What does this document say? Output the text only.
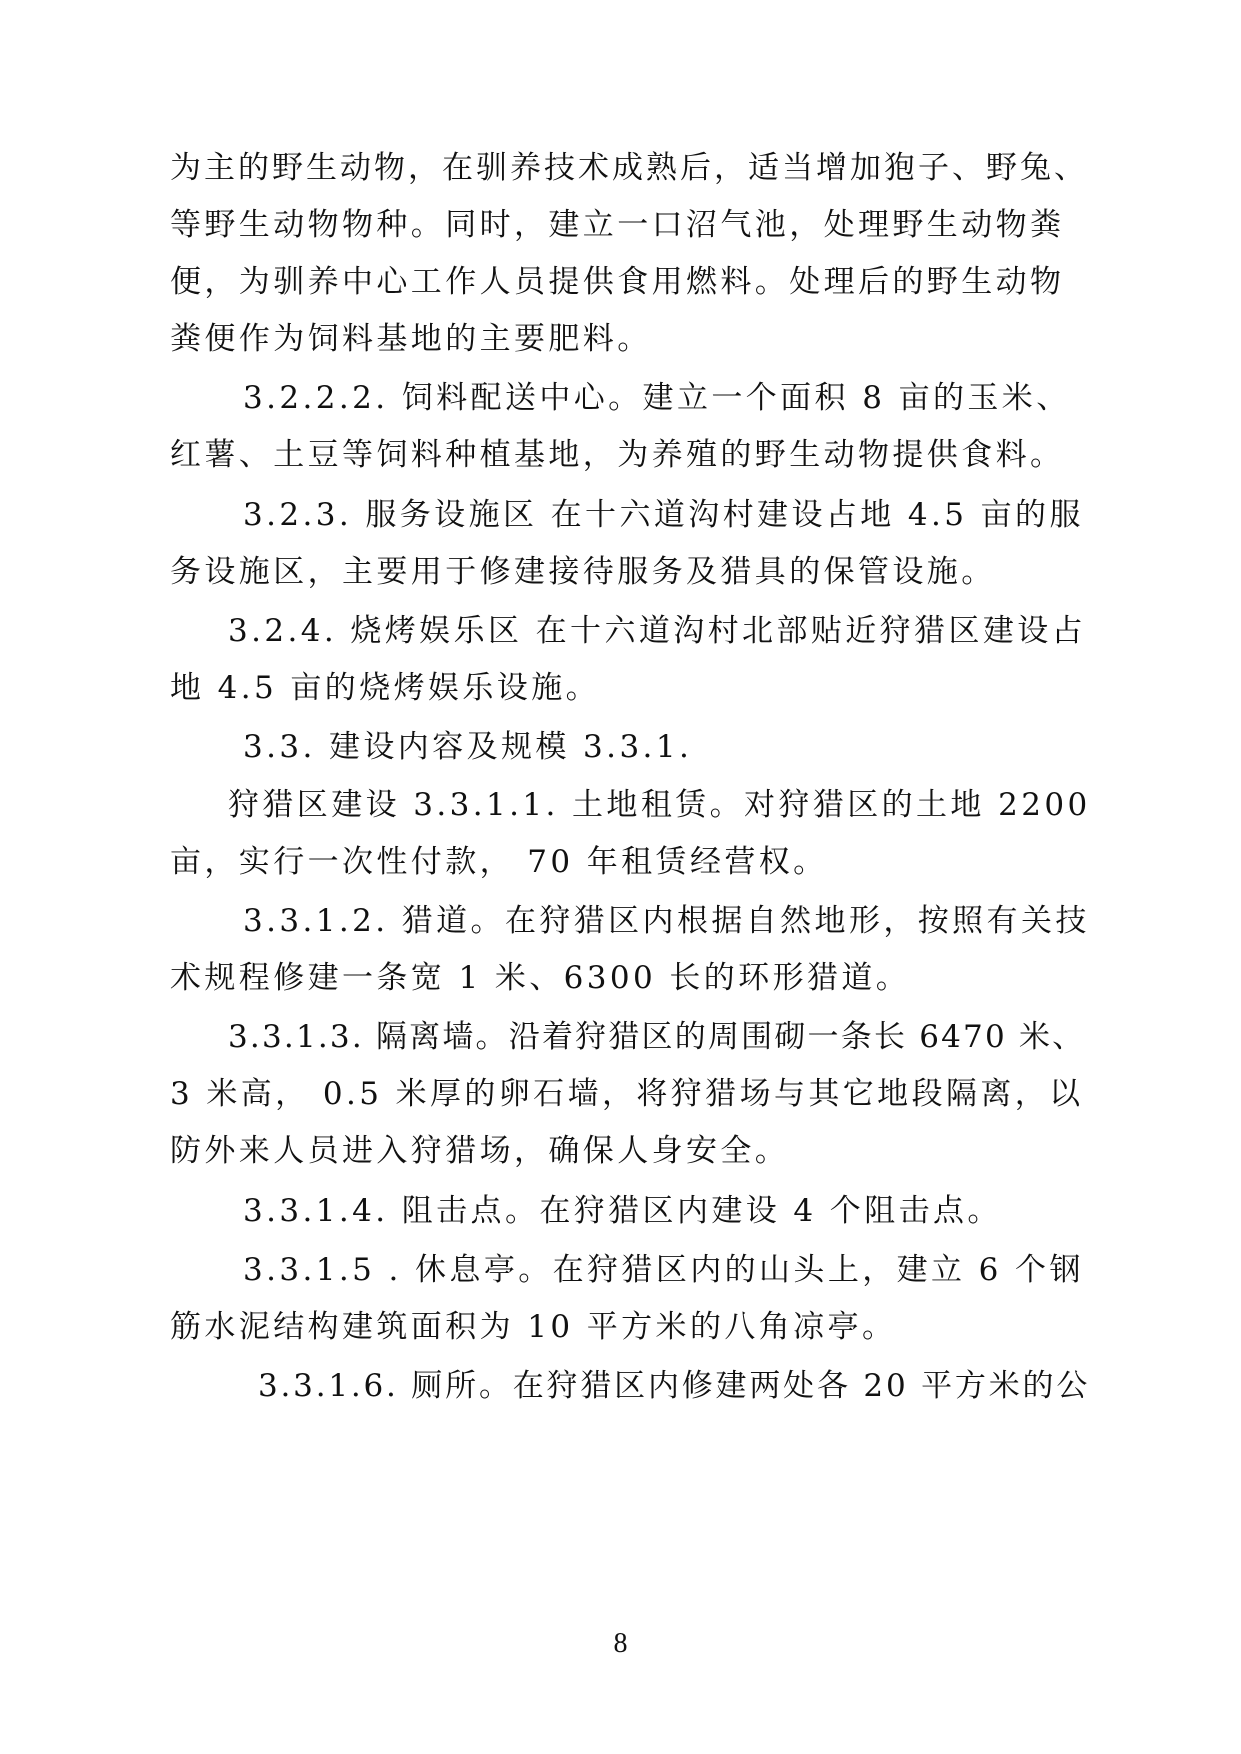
为主的野生动物，在驯养技术成熟后，适当增加狍子、野兔、
等野生动物物种。同时，建立一口沼气池，处理野生动物粪
便，为驯养中心工作人员提供食用燃料。处理后的野生动物
粪便作为饲料基地的主要肥料。
3.2.2.2. 饲料配送中心。建立一个面积 8 亩的玉米、
红薯、土豆等饲料种植基地，为养殖的野生动物提供食料。
3.2.3. 服务设施区 在十六道沟村建设占地 4.5 亩的服
务设施区，主要用于修建接待服务及猎具的保管设施。
3.2.4. 烧烤娱乐区 在十六道沟村北部贴近狩猎区建设占
地 4.5 亩的烧烤娱乐设施。
3.3. 建设内容及规模 3.3.1.
狩猎区建设 3.3.1.1. 土地租赁。对狩猎区的土地 2200
亩，实行一次性付款， 70 年租赁经营权。
3.3.1.2. 猎道。在狩猎区内根据自然地形，按照有关技
术规程修建一条宽 1 米、6300 长的环形猎道。
3.3.1.3. 隔离墙。沿着狩猎区的周围砌一条长 6470 米、
3 米高， 0.5 米厚的卵石墙，将狩猎场与其它地段隔离，以
防外来人员进入狩猎场，确保人身安全。
3.3.1.4. 阻击点。在狩猎区内建设 4 个阻击点。
3.3.1.5 . 休息亭。在狩猎区内的山头上，建立 6 个钢
筋水泥结构建筑面积为 10 平方米的八角凉亭。
3.3.1.6. 厕所。在狩猎区内修建两处各 20 平方米的公
8
